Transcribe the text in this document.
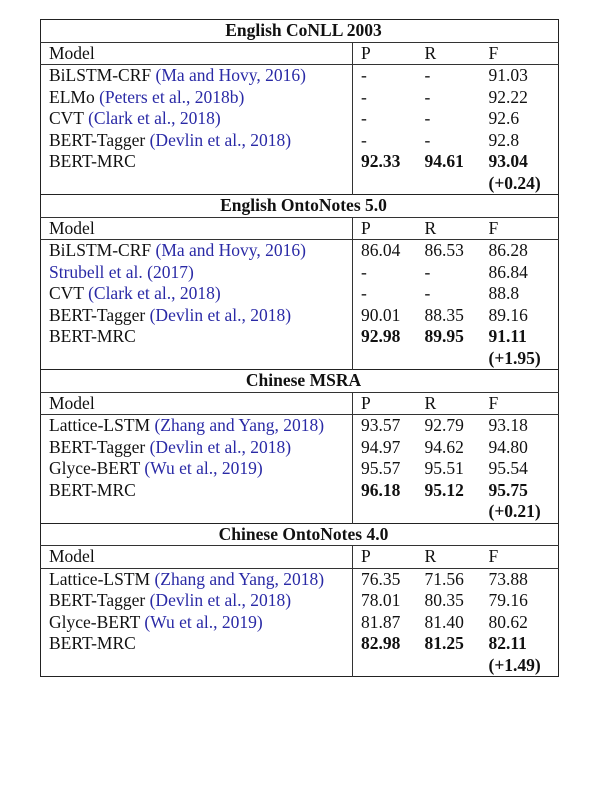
English CoNLL 2003			
Model	P	R	F
BiLSTM-CRF (Ma and Hovy, 2016)	-	-	91.03
ELMo (Peters et al., 2018b)	-	-	92.22
CVT (Clark et al., 2018)	-	-	92.6
BERT-Tagger (Devlin et al., 2018)	-	-	92.8
BERT-MRC	92.33	94.61	93.04
			(+0.24)
English OntoNotes 5.0			
Model	P	R	F
BiLSTM-CRF (Ma and Hovy, 2016)	86.04	86.53	86.28
Strubell et al. (2017)	-	-	86.84
CVT (Clark et al., 2018)	-	-	88.8
BERT-Tagger (Devlin et al., 2018)	90.01	88.35	89.16
BERT-MRC	92.98	89.95	91.11
			(+1.95)
Chinese MSRA			
Model	P	R	F
Lattice-LSTM (Zhang and Yang, 2018)	93.57	92.79	93.18
BERT-Tagger (Devlin et al., 2018)	94.97	94.62	94.80
Glyce-BERT (Wu et al., 2019)	95.57	95.51	95.54
BERT-MRC	96.18	95.12	95.75
			(+0.21)
Chinese OntoNotes 4.0			
Model	P	R	F
Lattice-LSTM (Zhang and Yang, 2018)	76.35	71.56	73.88
BERT-Tagger (Devlin et al., 2018)	78.01	80.35	79.16
Glyce-BERT (Wu et al., 2019)	81.87	81.40	80.62
BERT-MRC	82.98	81.25	82.11
			(+1.49)
